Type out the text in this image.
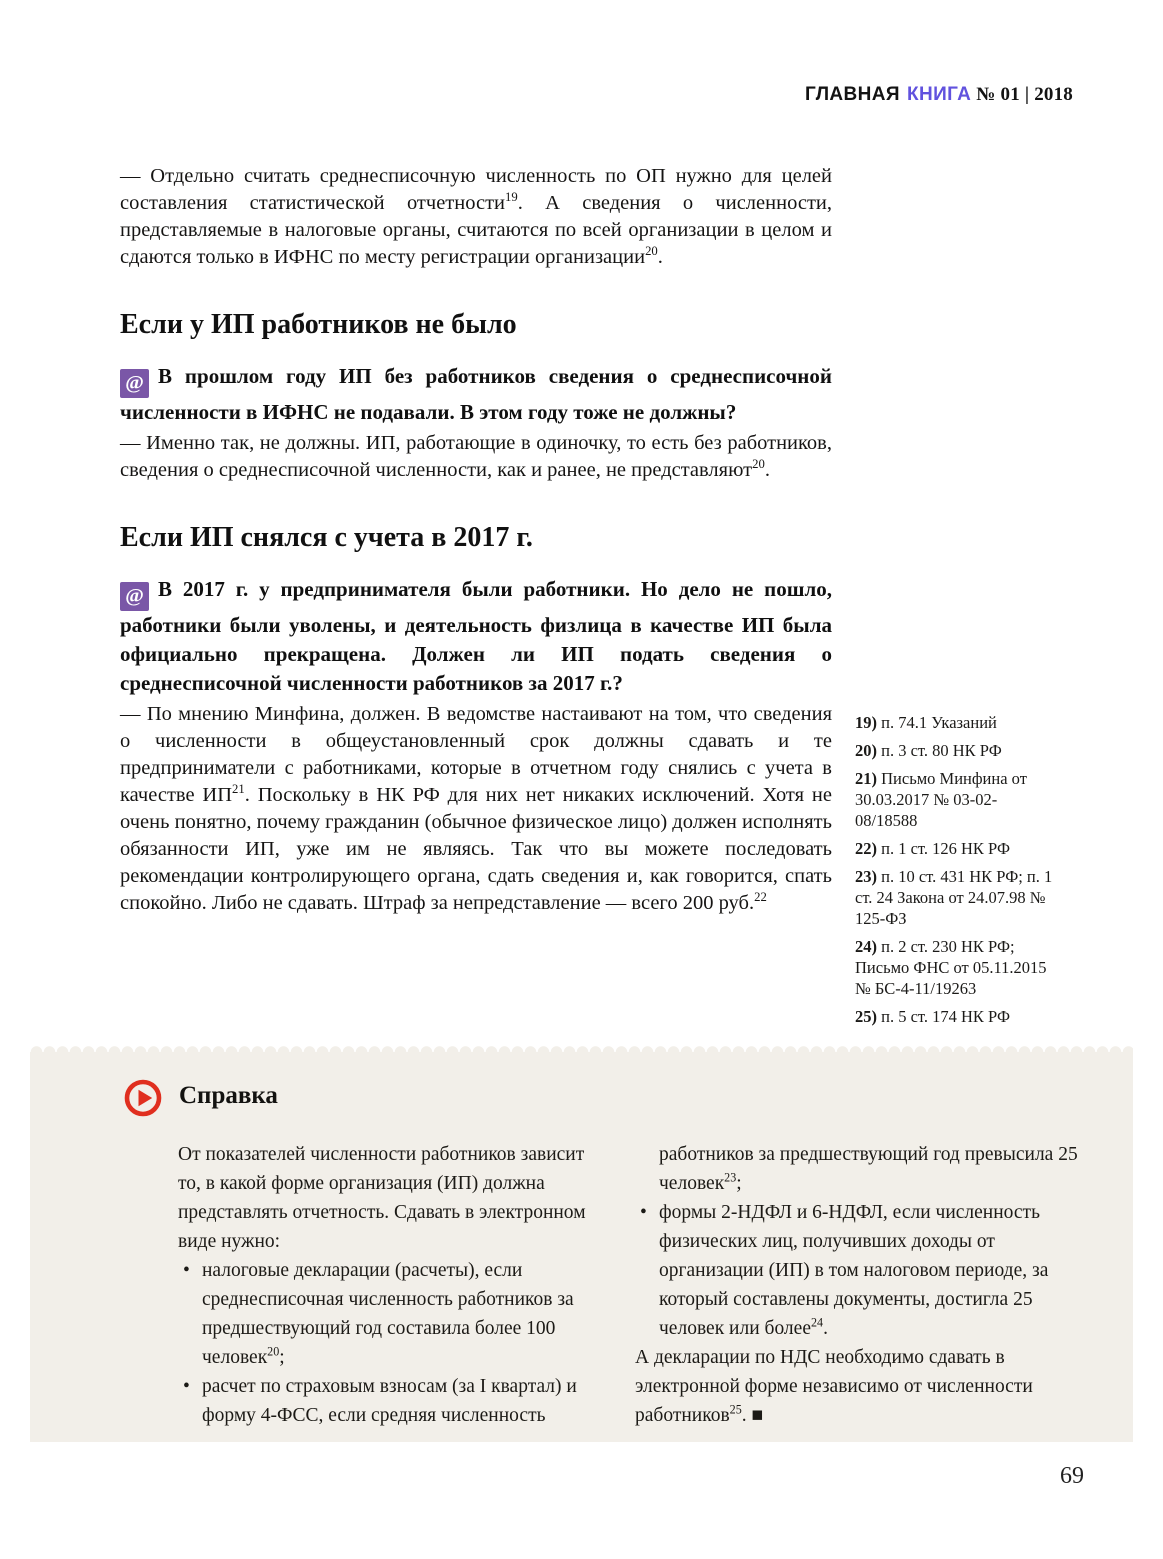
ГЛАВНАЯ КНИГА № 01 | 2018

— Отдельно считать среднесписочную численность по ОП нужно для целей составления статистической отчетности$^{19}$. А сведения о численности, представляемые в налоговые органы, считаются по всей организации в целом и сдаются только в ИФНС по месту регистрации организации$^{20}$.

Если у ИП работников не было

@ В прошлом году ИП без работников сведения о среднесписочной численности в ИФНС не подавали. В этом году тоже не должны?

— Именно так, не должны. ИП, работающие в одиночку, то есть без работников, сведения о среднесписочной численности, как и ранее, не представляют$^{20}$.

Если ИП снялся с учета в 2017 г.

@ В 2017 г. у предпринимателя были работники. Но дело не пошло, работники были уволены, и деятельность физлица в качестве ИП была официально прекращена. Должен ли ИП подать сведения о среднесписочной численности работников за 2017 г.?

— По мнению Минфина, должен. В ведомстве настаивают на том, что сведения о численности в общеустановленный срок должны сдавать и те предприниматели с работниками, которые в отчетном году снялись с учета в качестве ИП$^{21}$. Поскольку в НК РФ для них нет никаких исключений. Хотя не очень понятно, почему гражданин (обычное физическое лицо) должен исполнять обязанности ИП, уже им не являясь. Так что вы можете последовать рекомендации контролирующего органа, сдать сведения и, как говорится, спать спокойно. Либо не сдавать. Штраф за непредставление — всего 200 руб.$^{22}$

19) п. 74.1 Указаний

20) п. 3 ст. 80 НК РФ

21) Письмо Минфина от 30.03.2017 № 03-02-08/18588

22) п. 1 ст. 126 НК РФ

23) п. 10 ст. 431 НК РФ; п. 1 ст. 24 Закона от 24.07.98 № 125-ФЗ

24) п. 2 ст. 230 НК РФ; Письмо ФНС от 05.11.2015 № БС-4-11/19263

25) п. 5 ст. 174 НК РФ

Справка

От показателей численности работников зависит то, в какой форме организация (ИП) должна представлять отчетность. Сдавать в электронном виде нужно:

• налоговые декларации (расчеты), если среднесписочная численность работников за предшествующий год составила более 100 человек$^{20}$;
• расчет по страховым взносам (за I квартал) и форму 4-ФСС, если средняя численность
работников за предшествующий год превысила 25 человек$^{23}$;
• формы 2-НДФЛ и 6-НДФЛ, если численность физических лиц, получивших доходы от организации (ИП) в том налоговом периоде, за который составлены документы, достигла 25 человек или более$^{24}$.

А декларации по НДС необходимо сдавать в электронной форме независимо от численности работников$^{25}$. ■

69
